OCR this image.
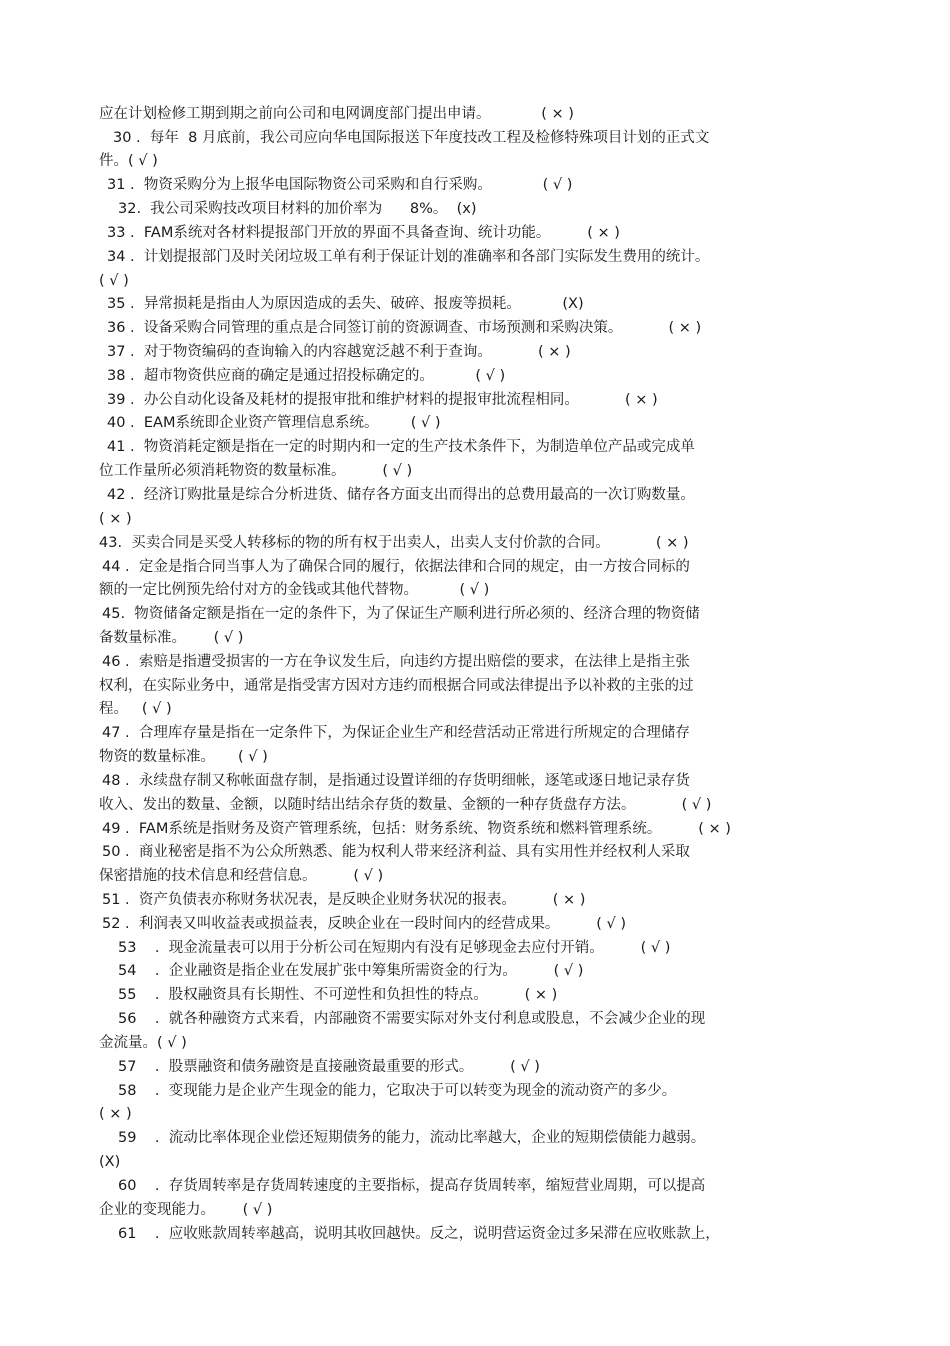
应在计划检修工期到期之前向公司和电网调度部门提出申请。           ( × )
30 .  每年  8 月底前，我公司应向华电国际报送下年度技改工程及检修特殊项目计划的正式文
件。( √ )
31 .  物资采购分为上报华电国际物资公司采购和自行采购。           ( √ )
32.  我公司采购技改项目材料的加价率为      8%。  (x)
33 .  FAM系统对各材料提报部门开放的界面不具备查询、统计功能。        ( × )
34 .  计划提报部门及时关闭垃圾工单有利于保证计划的准确率和各部门实际发生费用的统计。
( √ )
35 .  异常损耗是指由人为原因造成的丢失、破碎、报废等损耗。         (X)
36 .  设备采购合同管理的重点是合同签订前的资源调查、市场预测和采购决策。          ( × )
37 .  对于物资编码的查询输入的内容越宽泛越不利于查询。          ( × )
38 .  超市物资供应商的确定是通过招投标确定的。         ( √ )
39 .  办公自动化设备及耗材的提报审批和维护材料的提报审批流程相同。          ( × )
40 .  EAM系统即企业资产管理信息系统。       ( √ )
41 .  物资消耗定额是指在一定的时期内和一定的生产技术条件下，为制造单位产品或完成单
位工作量所必须消耗物资的数量标准。        ( √ )
42 .  经济订购批量是综合分析进货、储存各方面支出而得出的总费用最高的一次订购数量。
( × )
43.  买卖合同是买受人转移标的物的所有权于出卖人，出卖人支付价款的合同。          ( × )
44 .  定金是指合同当事人为了确保合同的履行，依据法律和合同的规定，由一方按合同标的
额的一定比例预先给付对方的金钱或其他代替物。         ( √ )
45.  物资储备定额是指在一定的条件下，为了保证生产顺利进行所必须的、经济合理的物资储
备数量标准。      ( √ )
46 .  索赔是指遭受损害的一方在争议发生后，向违约方提出赔偿的要求，在法律上是指主张
权利，在实际业务中，通常是指受害方因对方违约而根据合同或法律提出予以补救的主张的过
程。   ( √ )
47 .  合理库存量是指在一定条件下，为保证企业生产和经营活动正常进行所规定的合理储存
物资的数量标准。     ( √ )
48 .  永续盘存制又称帐面盘存制，是指通过设置详细的存货明细帐，逐笔或逐日地记录存货
收入、发出的数量、金额，以随时结出结余存货的数量、金额的一种存货盘存方法。          ( √ )
49 .  FAM系统是指财务及资产管理系统，包括：财务系统、物资系统和燃料管理系统。        ( × )
50 .  商业秘密是指不为公众所熟悉、能为权利人带来经济利益、具有实用性并经权利人采取
保密措施的技术信息和经营信息。        ( √ )
51 .  资产负债表亦称财务状况表，是反映企业财务状况的报表。        ( × )
52 .  利润表又叫收益表或损益表，反映企业在一段时间内的经营成果。        ( √ )
53    .  现金流量表可以用于分析公司在短期内有没有足够现金去应付开销。        ( √ )
54    .  企业融资是指企业在发展扩张中筹集所需资金的行为。        ( √ )
55    .  股权融资具有长期性、不可逆性和负担性的特点。        ( × )
56    .  就各种融资方式来看，内部融资不需要实际对外支付利息或股息，不会减少企业的现
金流量。( √ )
57    .  股票融资和债务融资是直接融资最重要的形式。        ( √ )
58    .  变现能力是企业产生现金的能力，它取决于可以转变为现金的流动资产的多少。
( × )
59    .  流动比率体现企业偿还短期债务的能力，流动比率越大，企业的短期偿债能力越弱。
(X)
60    .  存货周转率是存货周转速度的主要指标，提高存货周转率，缩短营业周期，可以提高
企业的变现能力。      ( √ )
61    .  应收账款周转率越高，说明其收回越快。反之，说明营运资金过多呆滞在应收账款上，
